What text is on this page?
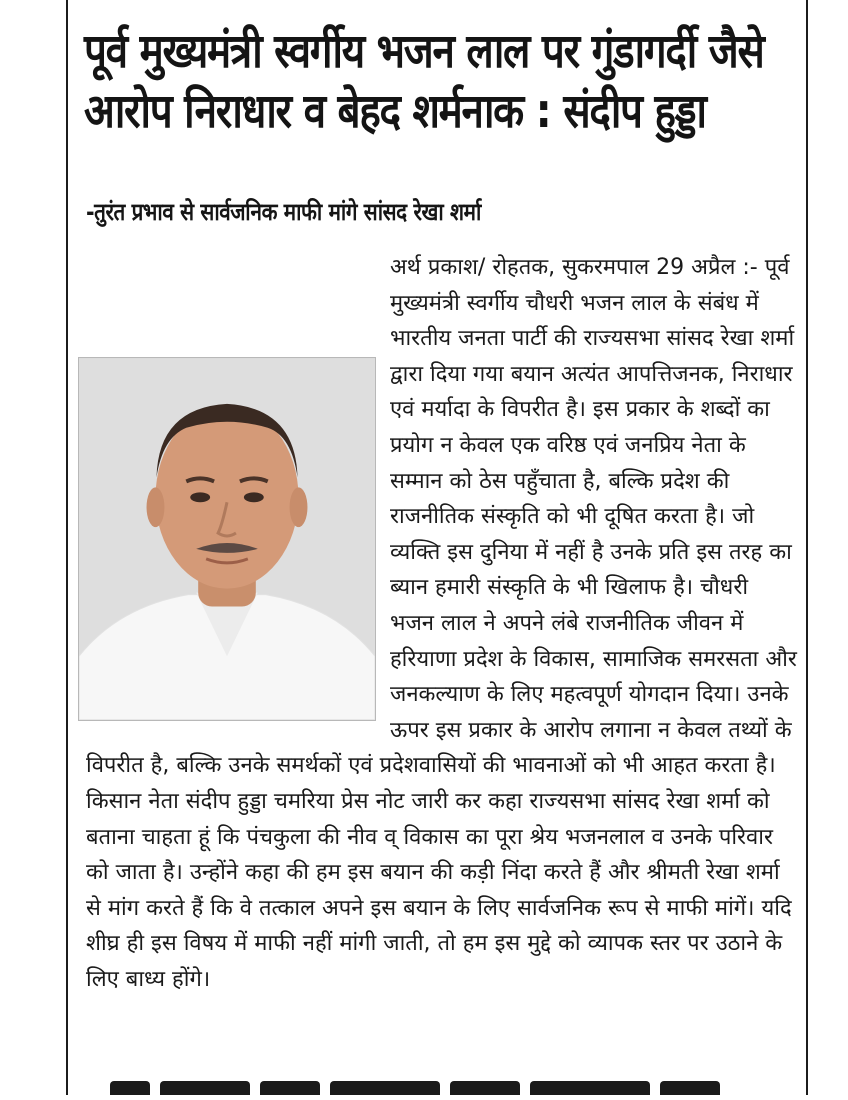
पूर्व मुख्यमंत्री स्वर्गीय भजन लाल पर गुंडागर्दी जैसे आरोप निराधार व बेहद शर्मनाक : संदीप हुड्डा
-तुरंत प्रभाव से सार्वजनिक माफी मांगे सांसद रेखा शर्मा

अर्थ प्रकाश/ रोहतक, सुकरमपाल 29 अप्रैल :- पूर्व मुख्यमंत्री स्वर्गीय चौधरी भजन लाल के संबंध में भारतीय जनता पार्टी की राज्यसभा सांसद रेखा शर्मा द्वारा दिया गया बयान अत्यंत आपत्तिजनक, निराधार एवं मर्यादा के विपरीत है। इस प्रकार के शब्दों का प्रयोग न केवल एक वरिष्ठ एवं जनप्रिय नेता के सम्मान को ठेस पहुँचाता है, बल्कि प्रदेश की राजनीतिक संस्कृति को भी दूषित करता है। जो व्यक्ति इस दुनिया में नहीं है उनके प्रति इस तरह का ब्यान हमारी संस्कृति के भी खिलाफ है। चौधरी भजन लाल ने अपने लंबे राजनीतिक जीवन में हरियाणा प्रदेश के विकास, सामाजिक समरसता और जनकल्याण के लिए महत्वपूर्ण योगदान दिया। उनके ऊपर इस प्रकार के आरोप लगाना न केवल तथ्यों के विपरीत है, बल्कि उनके समर्थकों एवं प्रदेशवासियों की भावनाओं को भी आहत करता है।

किसान नेता संदीप हुड्डा चमरिया प्रेस नोट जारी कर कहा राज्यसभा सांसद रेखा शर्मा को बताना चाहता हूं कि पंचकुला की नीव व् विकास का पूरा श्रेय भजनलाल व उनके परिवार को जाता है। उन्होंने कहा की हम इस बयान की कड़ी निंदा करते हैं और श्रीमती रेखा शर्मा से मांग करते हैं कि वे तत्काल अपने इस बयान के लिए सार्वजनिक रूप से माफी मांगें। यदि शीघ्र ही इस विषय में माफी नहीं मांगी जाती, तो हम इस मुद्दे को व्यापक स्तर पर उठाने के लिए बाध्य होंगे।
